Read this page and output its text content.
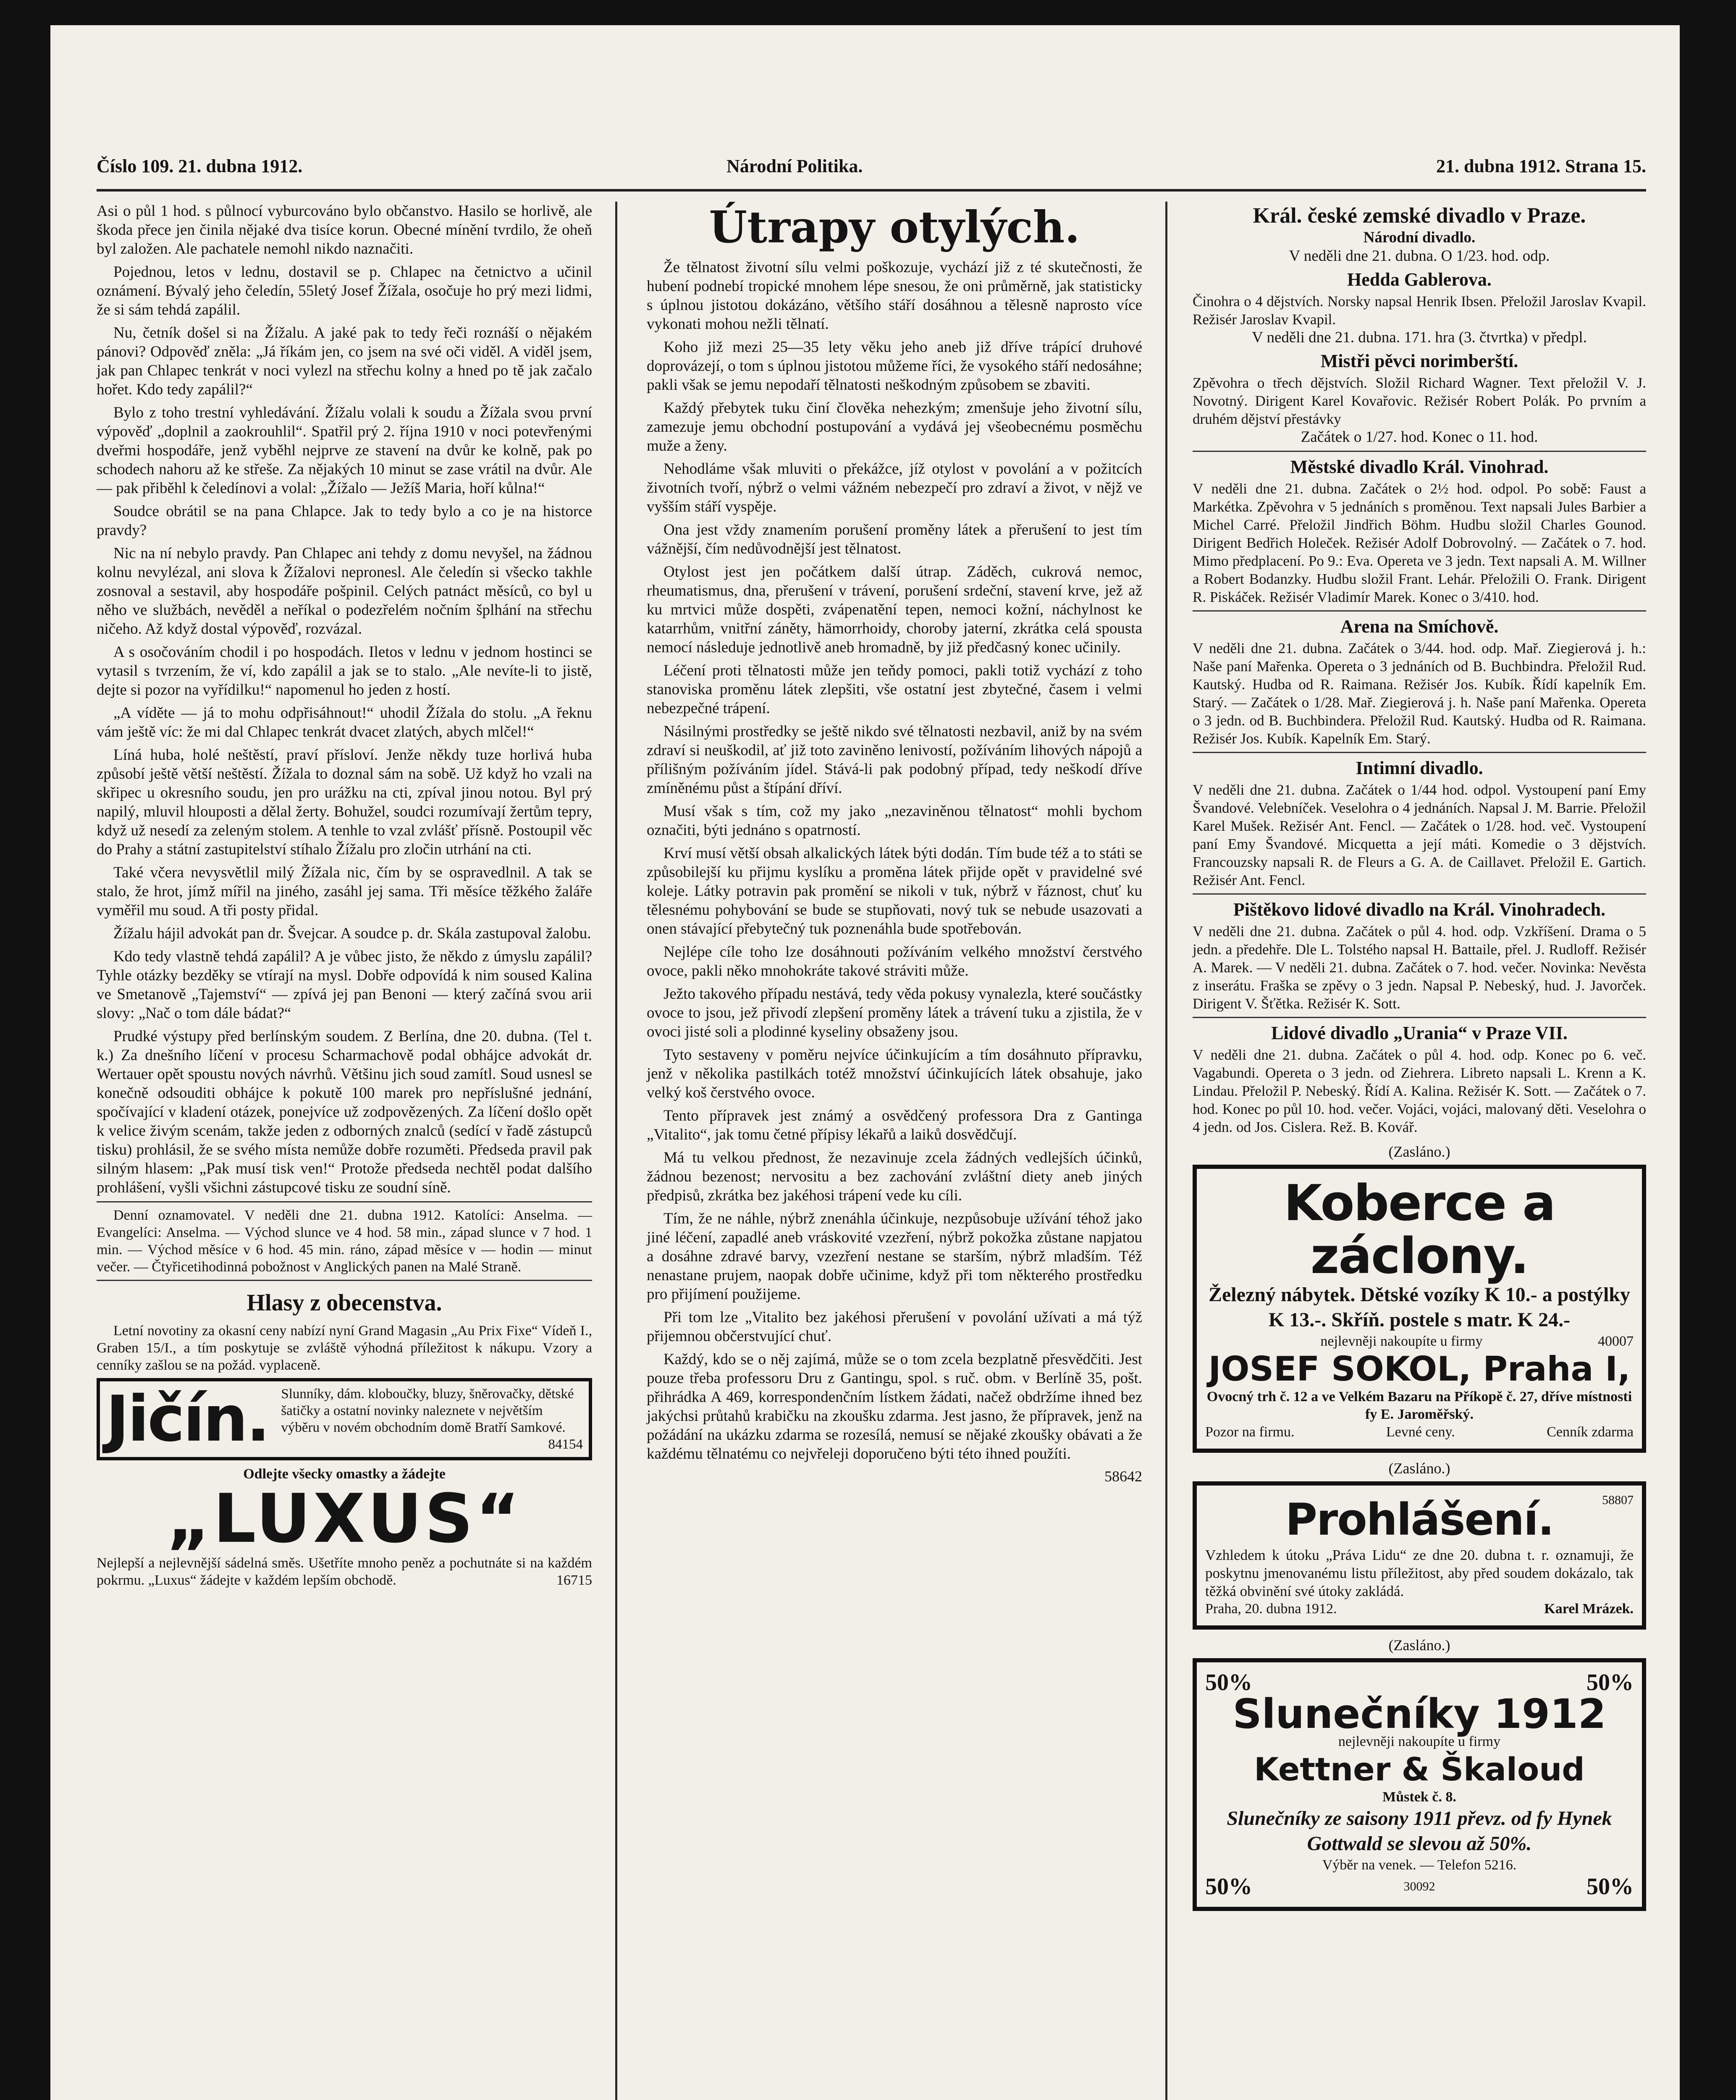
Číslo 109. 21. dubna 1912.	Národní Politika.	21. dubna 1912. Strana 15.

Asi o půl 1 hod. s půlnocí vyburcováno bylo občanstvo. Hasilo se horlivě, ale škoda přece jen činila nějaké dva tisíce korun. Obecné mínění tvrdilo, že oheň byl založen. Ale pachatele nemohl nikdo naznačiti.

Pojednou, letos v lednu, dostavil se p. Chlapec na četnictvo a učinil oznámení. Bývalý jeho čeledín, 55letý Josef Žížala, osočuje ho prý mezi lidmi, že si sám tehdá zapálil.

Nu, četník došel si na Žížalu. A jaké pak to tedy řeči roznáší o nějakém pánovi? Odpověď zněla: „Já říkám jen, co jsem na své oči viděl. A viděl jsem, jak pan Chlapec tenkrát v noci vylezl na střechu kolny a hned po tě jak začalo hořet. Kdo tedy zapálil?“

Bylo z toho trestní vyhledávání. Žížalu volali k soudu a Žížala svou první výpověď „doplnil a zaokrouhlil“. Spatřil prý 2. října 1910 v noci potevřenými dveřmi hospodáře, jenž vyběhl nejprve ze stavení na dvůr ke kolně, pak po schodech nahoru až ke střeše. Za nějakých 10 minut se zase vrátil na dvůr. Ale — pak přiběhl k čeledínovi a volal: „Žížalo — Ježíš Maria, hoří kůlna!“

Soudce obrátil se na pana Chlapce. Jak to tedy bylo a co je na historce pravdy?

Nic na ní nebylo pravdy. Pan Chlapec ani tehdy z domu nevyšel, na žádnou kolnu nevylézal, ani slova k Žížalovi nepronesl. Ale čeledín si všecko takhle zosnoval a sestavil, aby hospodáře pošpinil. Celých patnáct měsíců, co byl u něho ve službách, nevěděl a neříkal o podezřelém nočním šplhání na střechu ničeho. Až když dostal výpověď, rozvázal.

A s osočováním chodil i po hospodách. Iletos v lednu v jednom hostinci se vytasil s tvrzením, že ví, kdo zapálil a jak se to stalo. „Ale nevíte-li to jistě, dejte si pozor na vyřídilku!“ napomenul ho jeden z hostí.

„A víděte — já to mohu odpřisáhnout!“ uhodil Žížala do stolu. „A řeknu vám ještě víc: že mi dal Chlapec tenkrát dvacet zlatých, abych mlčel!“

Líná huba, holé neštěstí, praví přísloví. Jenže někdy tuze horlivá huba způsobí ještě větší neštěstí. Žížala to doznal sám na sobě. Už když ho vzali na skřipec u okresního soudu, jen pro urážku na cti, zpíval jinou notou. Byl prý napilý, mluvil hlouposti a dělal žerty. Bohužel, soudci rozumívají žertům tepry, když už nesedí za zeleným stolem. A tenhle to vzal zvlášť přísně. Postoupil věc do Prahy a státní zastupitelství stíhalo Žížalu pro zločin utrhání na cti.

Také včera nevysvětlil milý Žížala nic, čím by se ospravedlnil. A tak se stalo, že hrot, jímž mířil na jiného, zasáhl jej sama. Tři měsíce těžkého žaláře vyměřil mu soud. A tři posty přidal.

Žížalu hájil advokát pan dr. Švejcar. A soudce p. dr. Skála zastupoval žalobu.

Kdo tedy vlastně tehdá zapálil? A je vůbec jisto, že někdo z úmyslu zapálil? Tyhle otázky bezděky se vtírají na mysl. Dobře odpovídá k nim soused Kalina ve Smetanově „Tajemství“ — zpívá jej pan Benoni — který začíná svou arii slovy: „Nač o tom dále bádat?“

Prudké výstupy před berlínským soudem. Z Berlína, dne 20. dubna. (Tel t. k.) Za dnešního líčení v procesu Scharmachově podal obhájce advokát dr. Wertauer opět spoustu nových návrhů. Většinu jich soud zamítl. Soud usnesl se konečně odsouditi obhájce k pokutě 100 marek pro nepříslušné jednání, spočívající v kladení otázek, ponejvíce už zodpovězených. Za líčení došlo opět k velice živým scenám, takže jeden z odborných znalců (sedící v řadě zástupců tisku) prohlásil, že se svého místa nemůže dobře rozuměti. Předseda pravil pak silným hlasem: „Pak musí tisk ven!“ Protože předseda nechtěl podat dalšího prohlášení, vyšli všichni zástupcové tisku ze soudní síně.

Denní oznamovatel. V neděli dne 21. dubna 1912. Katolíci: Anselma. — Evangelíci: Anselma. — Východ slunce ve 4 hod. 58 min., západ slunce v 7 hod. 1 min. — Východ měsíce v 6 hod. 45 min. ráno, západ měsíce v — hodin — minut večer. — Čtyřicetihodinná pobožnost v Anglických panen na Malé Straně.

Hlasy z obecenstva.

Letní novotiny za okasní ceny nabízí nyní Grand Magasin „Au Prix Fixe“ Vídeň I., Graben 15/I., a tím poskytuje se zvláště výhodná příležitost k nákupu. Vzory a cenníky zašlou se na požád. vyplaceně.

Jičín. Slunníky, dám. kloboučky, bluzy, šněrovačky, dětské šatičky a ostatní novinky naleznete v největším výběru v novém obchodním domě Bratří Samkové.
84154
Odlejte všecky omastky a žádejte
„LUXUS“
Nejlepší a nejlevnější sádelná směs. Ušetříte mnoho peněz a pochutnáte si na každém pokrmu. „Luxus“ žádejte v každém lepším obchodě.	16715
Útrapy otylých.

Že tělnatost životní sílu velmi poškozuje, vychází již z té skutečnosti, že hubení podnebí tropické mnohem lépe snesou, že oni průměrně, jak statisticky s úplnou jistotou dokázáno, většího stáří dosáhnou a tělesně naprosto více vykonati mohou nežli tělnatí.

Koho již mezi 25—35 lety věku jeho aneb již dříve trápící druhové doprovázejí, o tom s úplnou jistotou můžeme říci, že vysokého stáří nedosáhne; pakli však se jemu nepodaří tělnatosti neškodným způsobem se zbaviti.

Každý přebytek tuku činí člověka nehezkým; zmenšuje jeho životní sílu, zamezuje jemu obchodní postupování a vydává jej všeobecnému posměchu muže a ženy.

Nehodláme však mluviti o překážce, jíž otylost v povolání a v požitcích životních tvoří, nýbrž o velmi vážném nebezpečí pro zdraví a život, v nějž ve vyšším stáří vyspěje.

Ona jest vždy znamením porušení proměny látek a přerušení to jest tím vážnější, čím nedůvodnější jest tělnatost.

Otylost jest jen počátkem další útrap. Záděch, cukrová nemoc, rheumatismus, dna, přerušení v trávení, porušení srdeční, stavení krve, jež až ku mrtvici může dospěti, zvápenatění tepen, nemoci kožní, náchylnost ke katarrhům, vnitřní záněty, hämorrhoidy, choroby jaterní, zkrátka celá spousta nemocí následuje jednotlivě aneb hromadně, by již předčasný konec učinily.

Léčení proti tělnatosti může jen teňdy pomoci, pakli totiž vychází z toho stanoviska proměnu látek zlepšiti, vše ostatní jest zbytečné, časem i velmi nebezpečné trápení.

Násilnými prostředky se ještě nikdo své tělnatosti nezbavil, aniž by na svém zdraví si neuškodil, ať již toto zaviněno lenivostí, požíváním lihových nápojů a přílišným požíváním jídel. Stává-li pak podobný případ, tedy neškodí dříve zmíněnému půst a štípání dříví.

Musí však s tím, což my jako „nezaviněnou tělnatost“ mohli bychom označiti, býti jednáno s opatrností.

Krví musí větší obsah alkalických látek býti dodán. Tím bude též a to státi se způsobilejší ku přijmu kyslíku a proměna látek přijde opět v pravidelné své koleje. Látky potravin pak promění se nikoli v tuk, nýbrž v řáznost, chuť ku tělesnému pohybování se bude se stupňovati, nový tuk se nebude usazovati a onen stávající přebytečný tuk poznenáhla bude spotřebován.

Nejlépe cíle toho lze dosáhnouti požíváním velkého množství čerstvého ovoce, pakli něko mnohokráte takové stráviti může.

Ježto takového případu nestává, tedy věda pokusy vynalezla, které součástky ovoce to jsou, jež přivodí zlepšení proměny látek a trávení tuku a zjistila, že v ovoci jisté soli a plodinné kyseliny obsaženy jsou.

Tyto sestaveny v poměru nejvíce účinkujícím a tím dosáhnuto přípravku, jenž v několika pastilkách totéž množství účinkujících látek obsahuje, jako velký koš čerstvého ovoce.

Tento přípravek jest známý a osvědčený professora Dra z Gantinga „Vitalito“, jak tomu četné přípisy lékařů a laiků dosvědčují.

Má tu velkou přednost, že nezavinuje zcela žádných vedlejších účinků, žádnou bezenost; nervositu a bez zachování zvláštní diety aneb jiných předpisů, zkrátka bez jakéhosi trápení vede ku cíli.

Tím, že ne náhle, nýbrž znenáhla účinkuje, nezpůsobuje užívání téhož jako jiné léčení, zapadlé aneb vráskovité vzezření, nýbrž pokožka zůstane napjatou a dosáhne zdravé barvy, vzezření nestane se starším, nýbrž mladším. Též nenastane prujem, naopak dobře učinime, když při tom některého prostředku pro přijímení použijeme.

Při tom lze „Vitalito bez jakéhosi přerušení v povolání užívati a má týž přijemnou občerstvující chuť.

Každý, kdo se o něj zajímá, může se o tom zcela bezplatně přesvědčiti. Jest pouze třeba professoru Dru z Gantingu, spol. s ruč. obm. v Berlíně 35, pošt. přihrádka A 469, korrespondenčním lístkem žádati, načež obdržíme ihned bez jakýchsi průtahů krabičku na zkoušku zdarma. Jest jasno, že přípravek, jenž na požádání na ukázku zdarma se rozesílá, nemusí se nějaké zkoušky obávati a že každému tělnatému co nejvřeleji doporučeno býti této ihned použíti.

58642
Král. české zemské divadlo v Praze.
Národní divadlo.
V neděli dne 21. dubna. O 1/23. hod. odp.
Hedda Gablerova.
Činohra o 4 dějstvích. Norsky napsal Henrik Ibsen. Přeložil Jaroslav Kvapil. Režisér Jaroslav Kvapil.
V neděli dne 21. dubna. 171. hra (3. čtvrtka) v předpl.
Mistři pěvci norimberští.
Zpěvohra o třech dějstvích. Složil Richard Wagner. Text přeložil V. J. Novotný. Dirigent Karel Kovařovic. Režisér Robert Polák. Po prvním a druhém dějství přestávky
Začátek o 1/27. hod. Konec o 11. hod.
Městské divadlo Král. Vinohrad.
V neděli dne 21. dubna. Začátek o 2½ hod. odpol. Po sobě: Faust a Markétka. Zpěvohra v 5 jednáních s proměnou. Text napsali Jules Barbier a Michel Carré. Přeložil Jindřich Böhm. Hudbu složil Charles Gounod. Dirigent Bedřich Holeček. Režisér Adolf Dobrovolný. — Začátek o 7. hod. Mimo předplacení. Po 9.: Eva. Opereta ve 3 jedn. Text napsali A. M. Willner a Robert Bodanzky. Hudbu složil Frant. Lehár. Přeložili O. Frank. Dirigent R. Piskáček. Režisér Vladimír Marek. Konec o 3/410. hod.
Arena na Smíchově.
V neděli dne 21. dubna. Začátek o 3/44. hod. odp. Mař. Ziegierová j. h.: Naše paní Mařenka. Opereta o 3 jednáních od B. Buchbindra. Přeložil Rud. Kautský. Hudba od R. Raimana. Režisér Jos. Kubík. Řídí kapelník Em. Starý. — Začátek o 1/28. Mař. Ziegierová j. h. Naše paní Mařenka. Opereta o 3 jedn. od B. Buchbindera. Přeložil Rud. Kautský. Hudba od R. Raimana. Režisér Jos. Kubík. Kapelník Em. Starý.
Intimní divadlo.
V neděli dne 21. dubna. Začátek o 1/44 hod. odpol. Vystoupení paní Emy Švandové. Velebníček. Veselohra o 4 jednáních. Napsal J. M. Barrie. Přeložil Karel Mušek. Režisér Ant. Fencl. — Začátek o 1/28. hod. več. Vystoupení paní Emy Švandové. Micquetta a její máti. Komedie o 3 dějstvích. Francouzsky napsali R. de Fleurs a G. A. de Caillavet. Přeložil E. Gartich. Režisér Ant. Fencl.
Pištěkovo lidové divadlo na Král. Vinohradech.
V neděli dne 21. dubna. Začátek o půl 4. hod. odp. Vzkříšení. Drama o 5 jedn. a předehře. Dle L. Tolstého napsal H. Battaile, přel. J. Rudloff. Režisér A. Marek. — V neděli 21. dubna. Začátek o 7. hod. večer. Novinka: Nevěsta z inserátu. Fraška se zpěvy o 3 jedn. Napsal P. Nebeský, hud. J. Javorček. Dirigent V. Šťětka. Režisér K. Sott.
Lidové divadlo „Urania“ v Praze VII.
V neděli dne 21. dubna. Začátek o půl 4. hod. odp. Konec po 6. več. Vagabundi. Opereta o 3 jedn. od Ziehrera. Libreto napsali L. Krenn a K. Lindau. Přeložil P. Nebeský. Řídí A. Kalina. Režisér K. Sott. — Začátek o 7. hod. Konec po půl 10. hod. večer. Vojáci, vojáci, malovaný děti. Veselohra o 4 jedn. od Jos. Cislera. Rež. B. Kovář.
(Zasláno.)
Koberce a záclony.
Železný nábytek. Dětské vozíky K 10.- a postýlky K 13.-. Skříň. postele s matr. K 24.-
nejlevněji nakoupíte u firmy	40007
JOSEF SOKOL, Praha I,
Ovocný trh č. 12 a ve Velkém Bazaru na Příkopě č. 27, dříve místnosti fy E. Jaroměřský.
Pozor na firmu.	Levné ceny.	Cenník zdarma
(Zasláno.)
Prohlášení.	58807
Vzhledem k útoku „Práva Lidu“ ze dne 20. dubna t. r. oznamuji, že poskytnu jmenovanému listu příležitost, aby před soudem dokázalo, tak těžká obvinění své útoky zakládá.
Praha, 20. dubna 1912.	Karel Mrázek.
(Zasláno.)
50%	50%
Slunečníky 1912
nejlevněji nakoupíte u firmy
Kettner & Škaloud
Můstek č. 8.
Slunečníky ze saisony 1911 převz. od fy Hynek Gottwald se slevou až 50%.
Výběr na venek. — Telefon 5216.
50%	30092	50%
